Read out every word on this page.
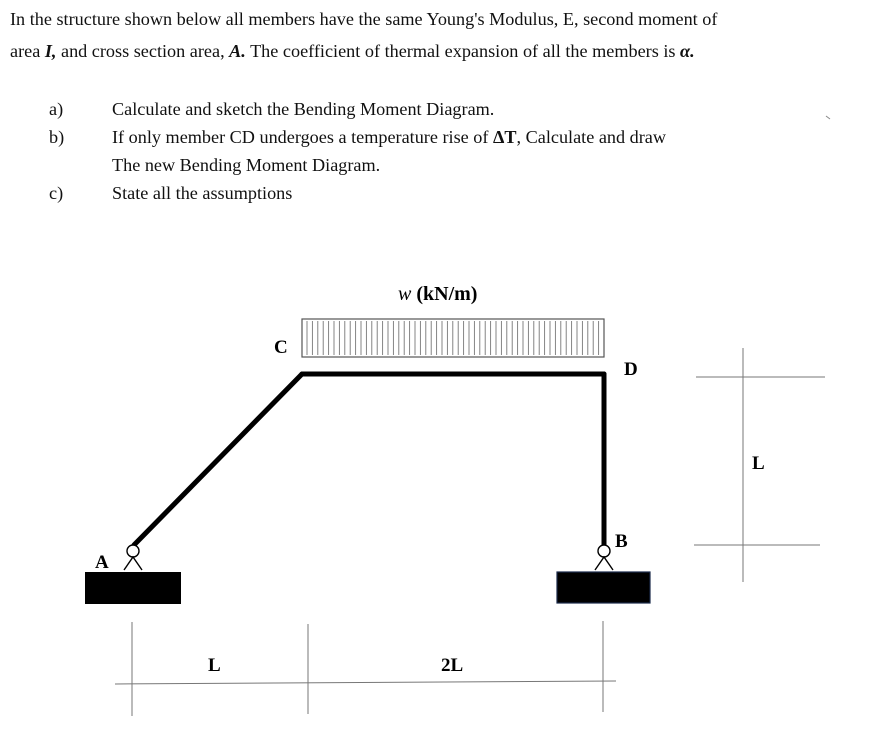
In the structure shown below all members have the same Young's Modulus, E, second moment of
area I, and cross section area, A. The coefficient of thermal expansion of all the members is α.
a)	Calculate and sketch the Bending Moment Diagram.
b)	If only member CD undergoes a temperature rise of ΔT, Calculate and draw
The new Bending Moment Diagram.
c)	State all the assumptions
w (kN/m)
A
B
C
D
L	2L
L
